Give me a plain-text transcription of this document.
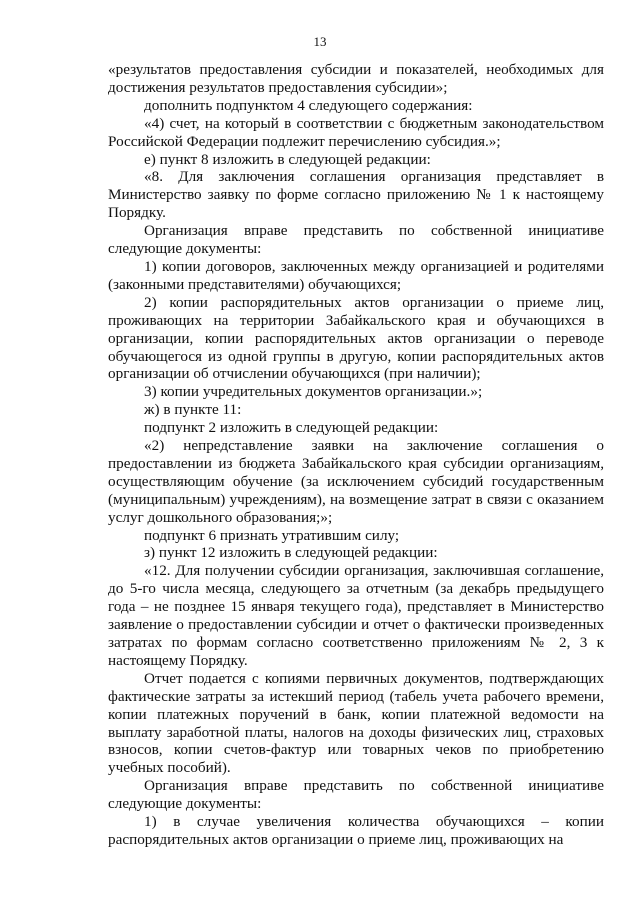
13

«результатов предоставления субсидии и показателей, необходимых для достижения результатов предоставления субсидии»;

дополнить подпунктом 4 следующего содержания:

«4) счет, на который в соответствии с бюджетным законодательством Российской Федерации подлежит перечислению субсидия.»;

е) пункт 8 изложить в следующей редакции:

«8. Для заключения соглашения организация представляет в Министерство заявку по форме согласно приложению № 1 к настоящему Порядку.

Организация вправе представить по собственной инициативе следующие документы:

1) копии договоров, заключенных между организацией и родителями (законными представителями) обучающихся;

2) копии распорядительных актов организации о приеме лиц, проживающих на территории Забайкальского края и обучающихся в организации, копии распорядительных актов организации о переводе обучающегося из одной группы в другую, копии распорядительных актов организации об отчислении обучающихся (при наличии);

3) копии учредительных документов организации.»;

ж) в пункте 11:

подпункт 2 изложить в следующей редакции:

«2) непредставление заявки на заключение соглашения о предоставлении из бюджета Забайкальского края субсидии организациям, осуществляющим обучение (за исключением субсидий государственным (муниципальным) учреждениям), на возмещение затрат в связи с оказанием услуг дошкольного образования;»;

подпункт 6 признать утратившим силу;

з) пункт 12 изложить в следующей редакции:

«12. Для получении субсидии организация, заключившая соглашение, до 5-го числа месяца, следующего за отчетным (за декабрь предыдущего года – не позднее 15 января текущего года), представляет в Министерство заявление о предоставлении субсидии и отчет о фактически произведенных затратах по формам согласно соответственно приложениям № 2, 3 к настоящему Порядку.

Отчет подается с копиями первичных документов, подтверждающих фактические затраты за истекший период (табель учета рабочего времени, копии платежных поручений в банк, копии платежной ведомости на выплату заработной платы, налогов на доходы физических лиц, страховых взносов, копии счетов-фактур или товарных чеков по приобретению учебных пособий).

Организация вправе представить по собственной инициативе следующие документы:

1) в случае увеличения количества обучающихся – копии распорядительных актов организации о приеме лиц, проживающих на
